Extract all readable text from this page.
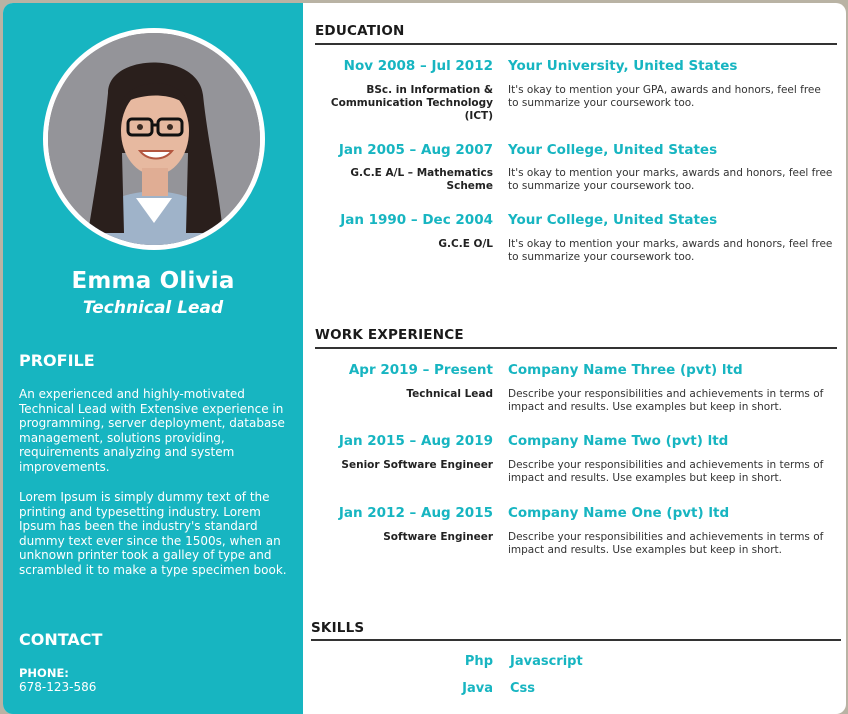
Emma Olivia
Technical Lead
PROFILE

An experienced and highly-motivated Technical Lead with Extensive experience in programming, server deployment, database management, solutions providing, requirements analyzing and system improvements.

Lorem Ipsum is simply dummy text of the printing and typesetting industry. Lorem Ipsum has been the industry's standard dummy text ever since the 1500s, when an unknown printer took a galley of type and scrambled it to make a type specimen book.

CONTACT
PHONE:
678-123-586
EDUCATION
Nov 2008 – Jul 2012 Your University, United States
BSc. in Information & Communication Technology (ICT)
It's okay to mention your GPA, awards and honors, feel free to summarize your coursework too.
Jan 2005 – Aug 2007 Your College, United States
G.C.E A/L – Mathematics Scheme
It's okay to mention your marks, awards and honors, feel free to summarize your coursework too.
Jan 1990 – Dec 2004 Your College, United States
G.C.E O/L It's okay to mention your marks, awards and honors, feel free to summarize your coursework too.
WORK EXPERIENCE
Apr 2019 – Present Company Name Three (pvt) ltd
Technical Lead Describe your responsibilities and achievements in terms of impact and results. Use examples but keep in short.
Jan 2015 – Aug 2019 Company Name Two (pvt) ltd
Senior Software Engineer Describe your responsibilities and achievements in terms of impact and results. Use examples but keep in short.
Jan 2012 – Aug 2015 Company Name One (pvt) ltd
Software Engineer Describe your responsibilities and achievements in terms of impact and results. Use examples but keep in short.
SKILLS
Php Javascript
Java Css
